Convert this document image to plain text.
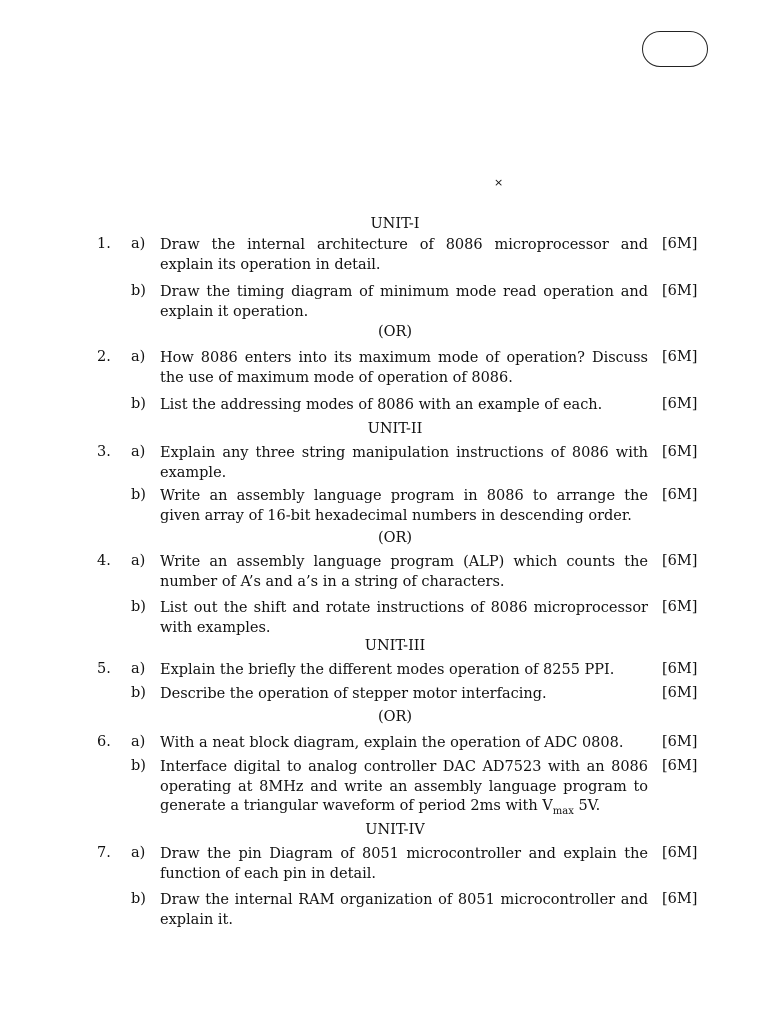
×
UNIT-I
1. a) Draw the internal architecture of 8086 microprocessor and explain its operation in detail.
[6M]
b) Draw the timing diagram of minimum mode read operation and explain it operation.
[6M]
(OR)
2. a) How 8086 enters into its maximum mode of operation? Discuss the use of maximum mode of operation of 8086.
[6M]
b) List the addressing modes of 8086 with an example of each.	[6M]
UNIT-II
3. a) Explain any three string manipulation instructions of 8086 with example.
[6M]
b) Write an assembly language program in 8086 to arrange the given array of 16-bit hexadecimal numbers in descending order.
[6M]
(OR)
4. a) Write an assembly language program (ALP) which counts the number of A’s and a’s in a string of characters.
[6M]
b) List out the shift and rotate instructions of 8086 microprocessor with examples.
[6M]
UNIT-III
5. a) Explain the briefly the different modes operation of 8255 PPI.	[6M]
b) Describe the operation of stepper motor interfacing.	[6M]
(OR)
6. a) With a neat block diagram, explain the operation of ADC 0808.	[6M]
b) Interface digital to analog controller DAC AD7523 with an 8086 operating at 8MHz and write an assembly language program to generate a triangular waveform of period 2ms with $V_{max}$ 5V.
[6M]
UNIT-IV
7. a) Draw the pin Diagram of 8051 microcontroller and explain the function of each pin in detail.
[6M]
b) Draw the internal RAM organization of 8051 microcontroller and explain it.
[6M]
